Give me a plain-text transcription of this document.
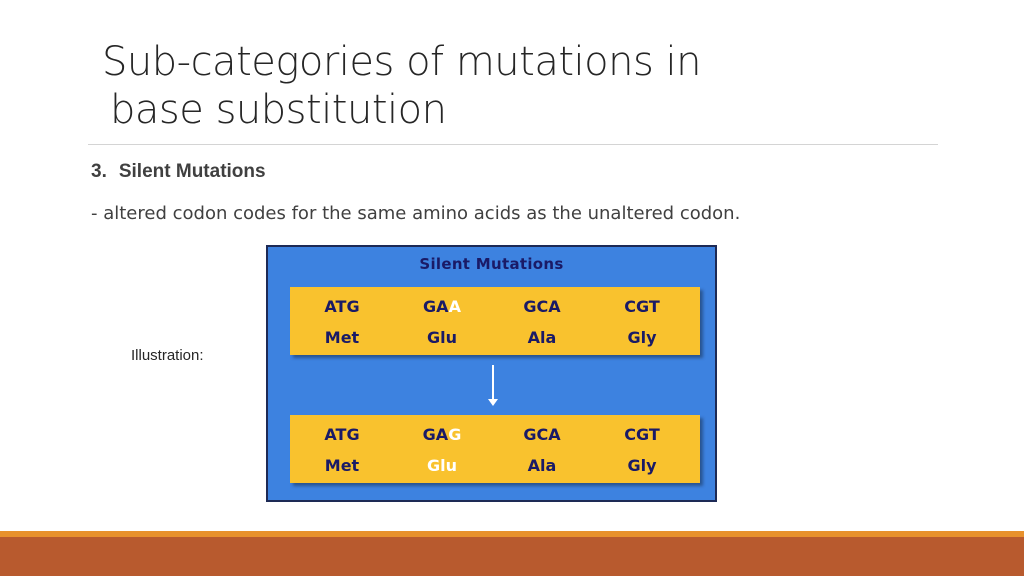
Sub-categories of mutations in
base substitution
3. Silent Mutations
- altered codon codes for the same amino acids as the unaltered codon.
Illustration:
Silent Mutations
ATG	GAA	GCA	CGT
Met	Glu	Ala	Gly
ATG	GAG	GCA	CGT
Met	Glu	Ala	Gly
